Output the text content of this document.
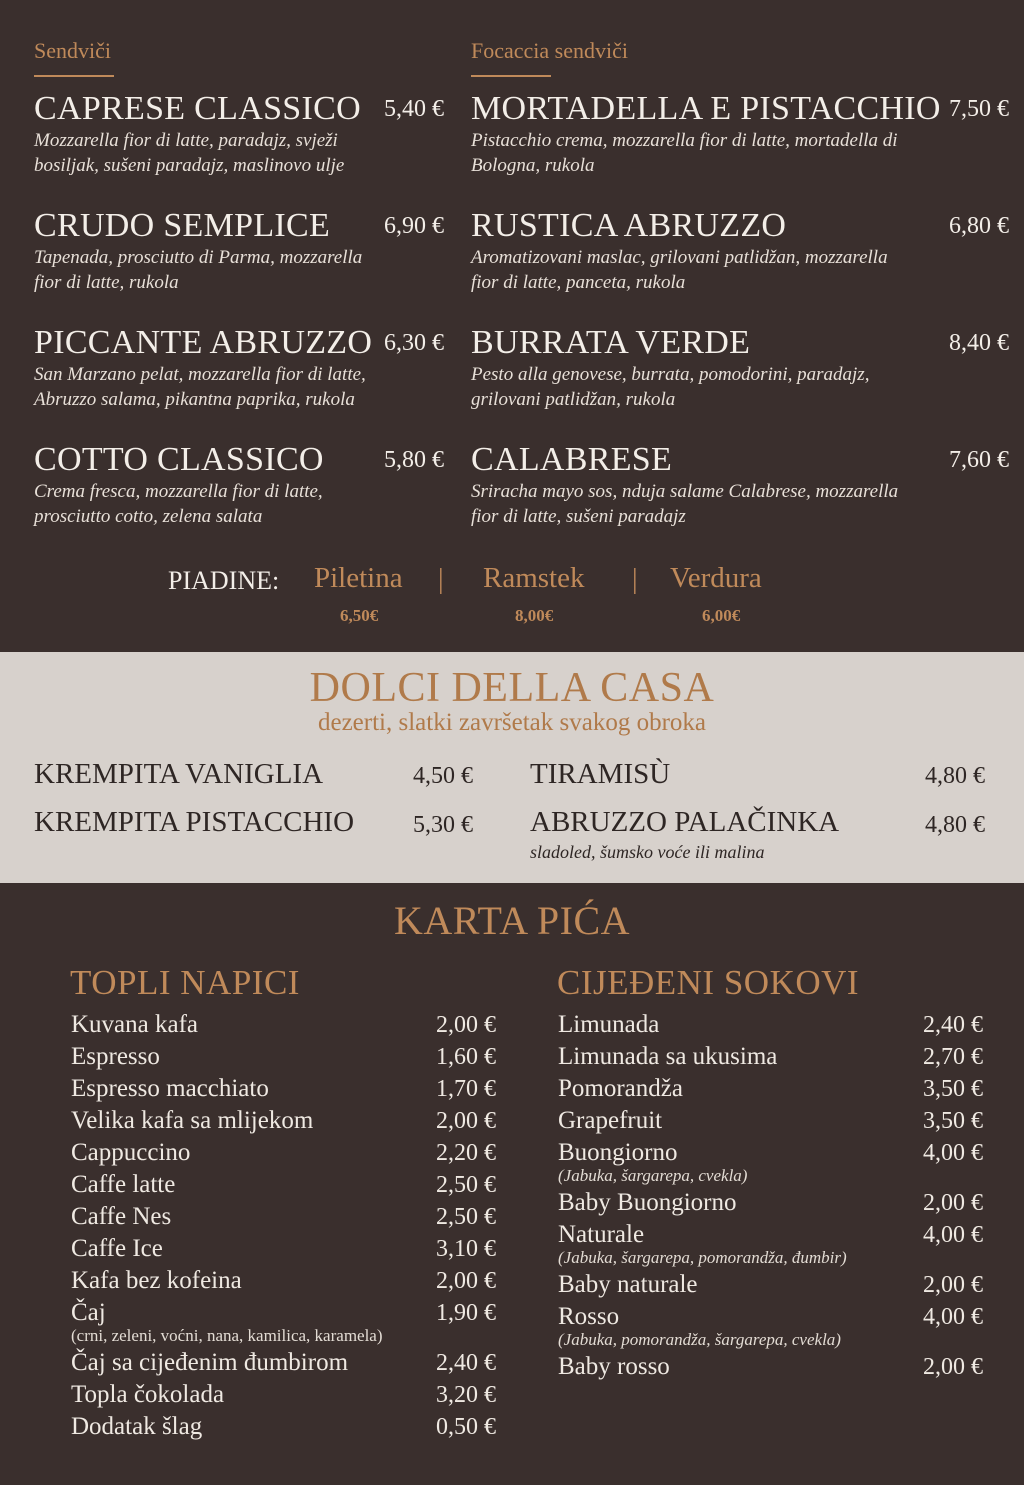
Sendviči	Focaccia sendviči
CAPRESE CLASSICO 5,40 €
Mozzarella fior di latte, paradajz, svježi bosiljak, sušeni paradajz, maslinovo ulje
CRUDO SEMPLICE	6,90 €
Tapenada, prosciutto di Parma, mozzarella fior di latte, rukola
PICCANTE ABRUZZO 6,30 €
San Marzano pelat, mozzarella fior di latte, Abruzzo salama, pikantna paprika, rukola
COTTO CLASSICO	5,80 €
Crema fresca, mozzarella fior di latte, prosciutto cotto, zelena salata
MORTADELLA E PISTACCHIO 7,50 €
Pistacchio crema, mozzarella fior di latte, mortadella di Bologna, rukola
RUSTICA ABRUZZO	6,80 €
Aromatizovani maslac, grilovani patlidžan, mozzarella fior di latte, panceta, rukola
BURRATA VERDE	8,40 €
Pesto alla genovese, burrata, pomodorini, paradajz, grilovani patlidžan, rukola
CALABRESE	7,60 €
Sriracha mayo sos, nduja salame Calabrese, mozzarella fior di latte, sušeni paradajz
PIADINE: Piletina | Ramstek | Verdura
6,50€	8,00€	6,00€
DOLCI DELLA CASA
dezerti, slatki završetak svakog obroka
KREMPITA VANIGLIA	4,50 €
KREMPITA PISTACCHIO 5,30 €
TIRAMISÙ	4,80 €
ABRUZZO PALAČINKA	4,80 €
sladoled, šumsko voće ili malina
KARTA PIĆA
TOPLI NAPICI	CIJEĐENI SOKOVI
Kuvana kafa	2,00 €
Espresso	1,60 €
Espresso macchiato	1,70 €
Velika kafa sa mlijekom	2,00 €
Cappuccino	2,20 €
Caffe latte	2,50 €
Caffe Nes	2,50 €
Caffe Ice	3,10 €
Kafa bez kofeina	2,00 €
Čaj	1,90 €
(crni, zeleni, voćni, nana, kamilica, karamela)
Čaj sa cijeđenim đumbirom	2,40 €
Topla čokolada	3,20 €
Dodatak šlag	0,50 €
Limunada	2,40 €
Limunada sa ukusima	2,70 €
Pomorandža	3,50 €
Grapefruit	3,50 €
Buongiorno	4,00 €
(Jabuka, šargarepa, cvekla)
Baby Buongiorno	2,00 €
Naturale	4,00 €
(Jabuka, šargarepa, pomorandža, đumbir)
Baby naturale	2,00 €
Rosso	4,00 €
(Jabuka, pomorandža, šargarepa, cvekla)
Baby rosso	2,00 €
